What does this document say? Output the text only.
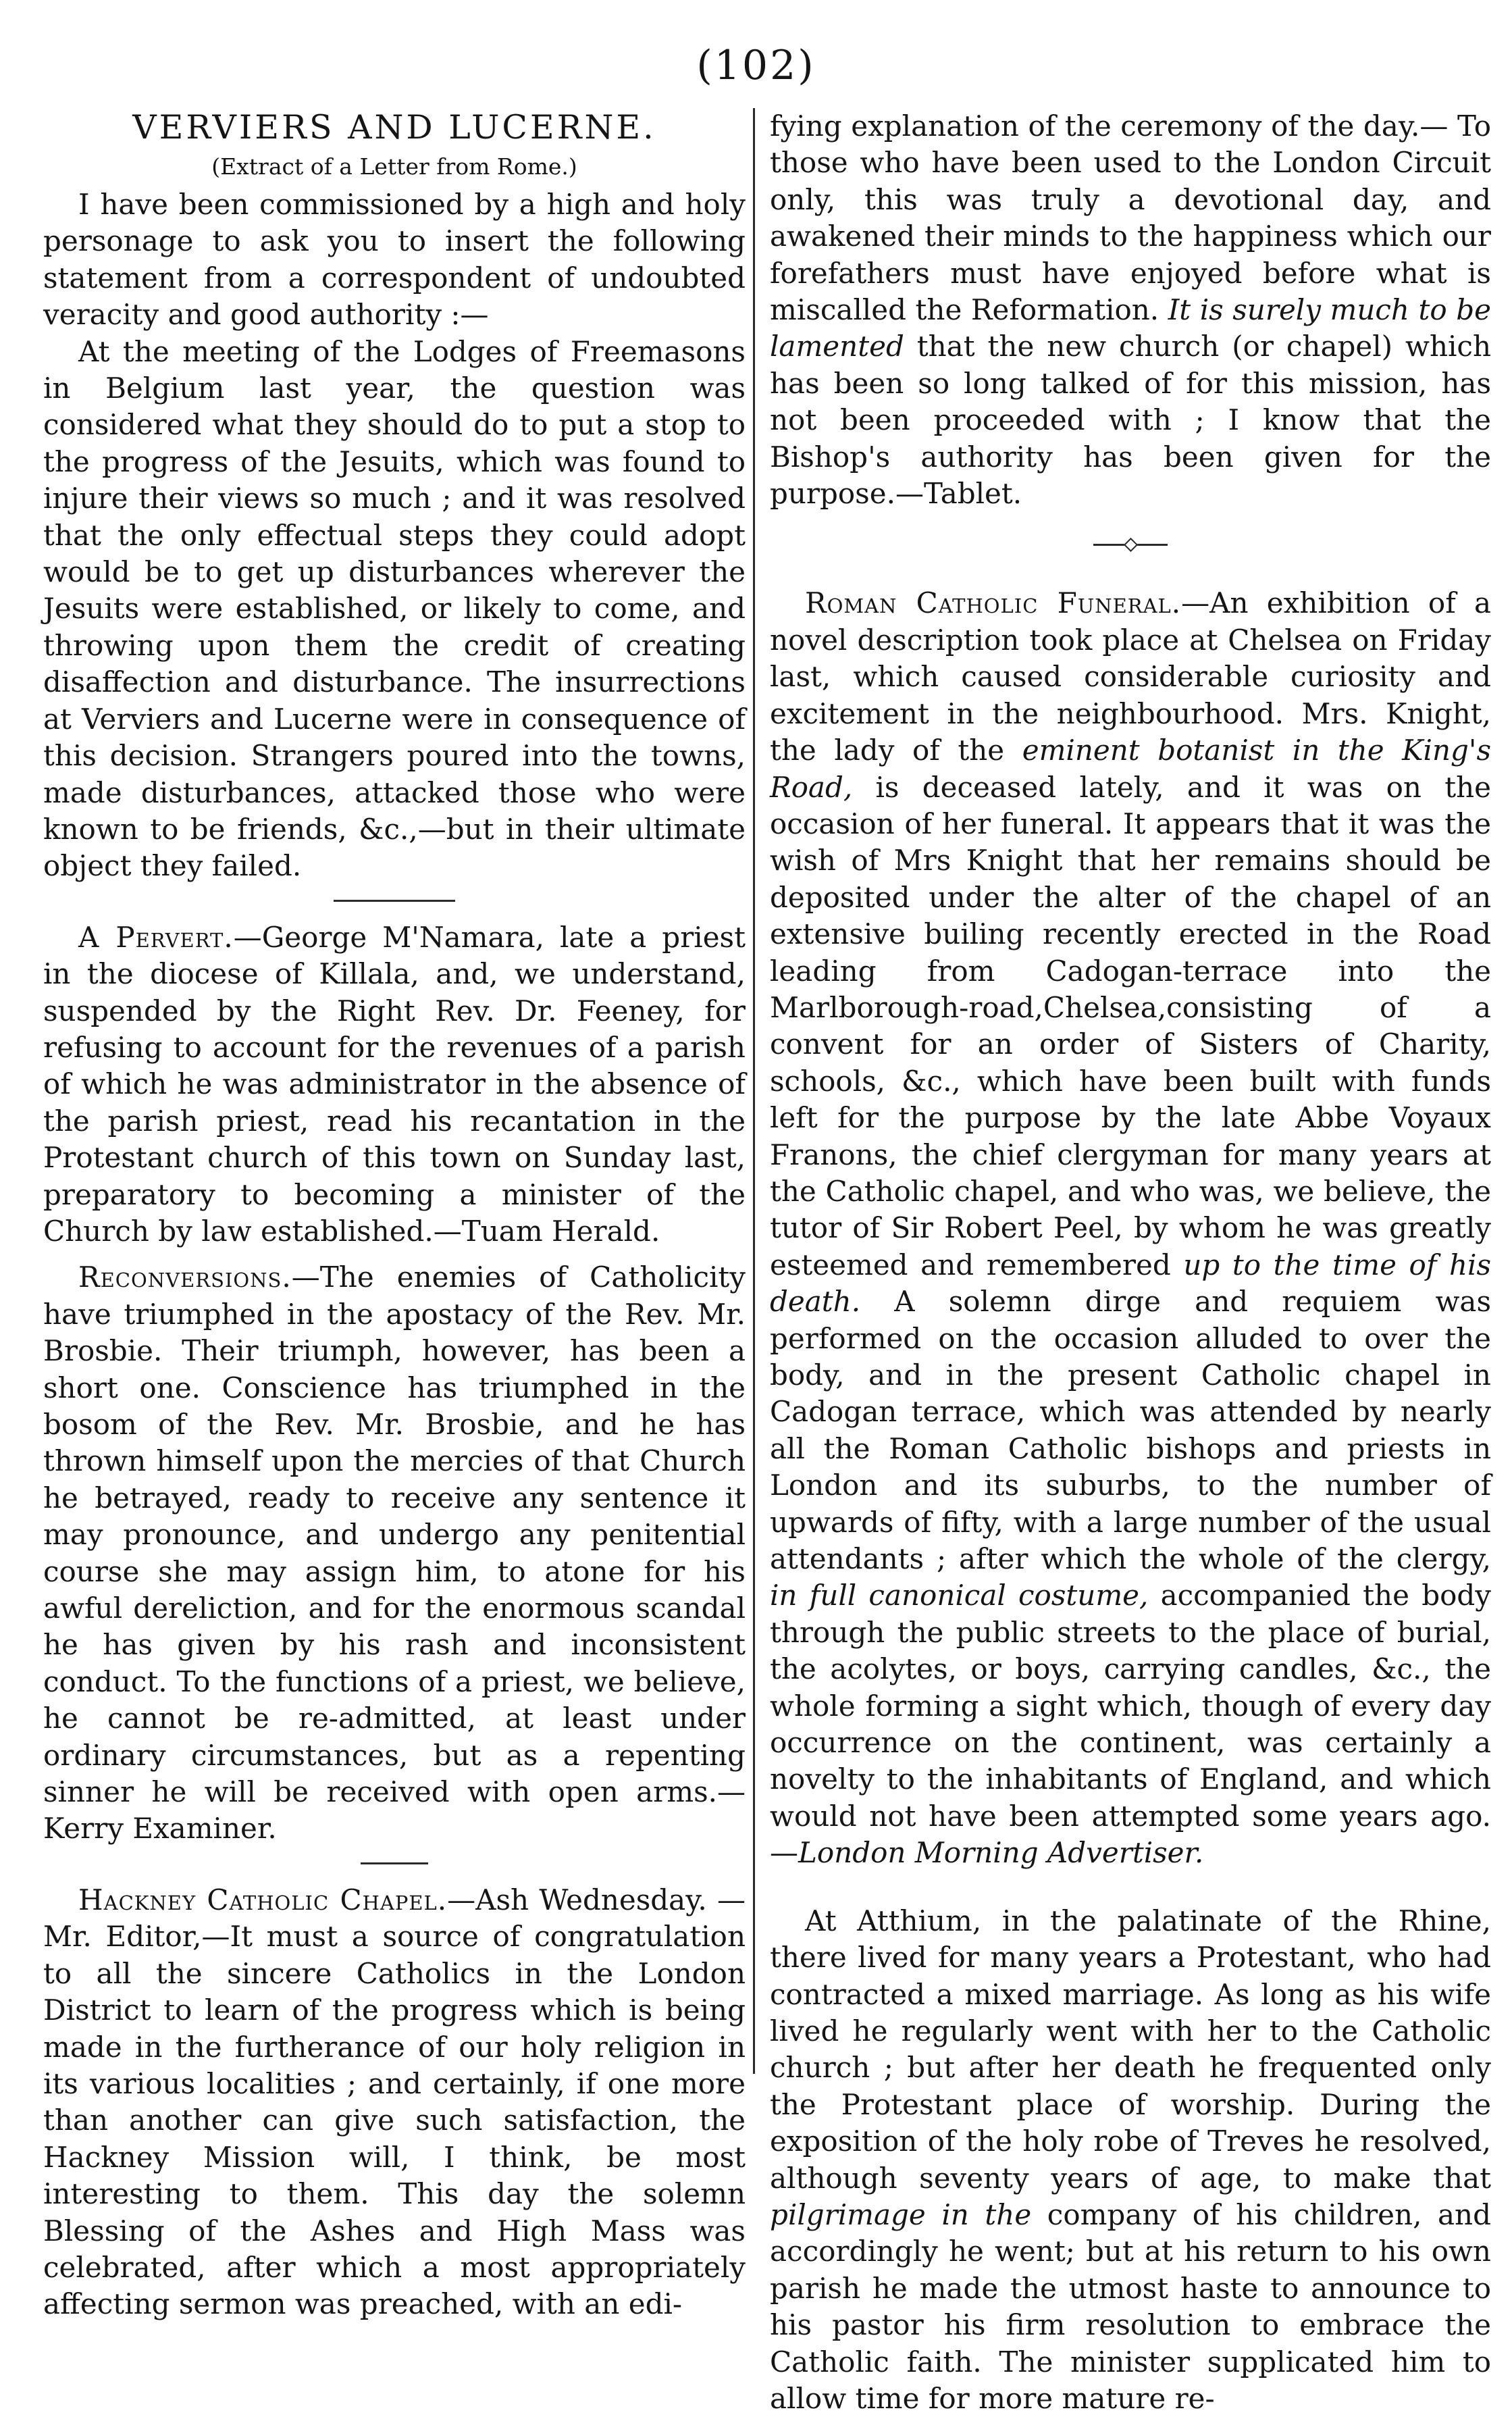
(102)
VERVIERS AND LUCERNE.
(Extract of a Letter from Rome.)

I have been commissioned by a high and holy personage to ask you to insert the following statement from a correspondent of undoubted veracity and good authority :—

At the meeting of the Lodges of Freemasons in Belgium last year, the question was considered what they should do to put a stop to the progress of the Jesuits, which was found to injure their views so much ; and it was resolved that the only effectual steps they could adopt would be to get up disturbances wherever the Jesuits were established, or likely to come, and throwing upon them the credit of creating disaffection and disturbance. The insurrections at Verviers and Lucerne were in consequence of this decision. Strangers poured into the towns, made disturbances, attacked those who were known to be friends, &c.,—but in their ultimate object they failed.

A Pervert.—George M'Namara, late a priest in the diocese of Killala, and, we understand, suspended by the Right Rev. Dr. Feeney, for refusing to account for the revenues of a parish of which he was administrator in the absence of the parish priest, read his recantation in the Protestant church of this town on Sunday last, preparatory to becoming a minister of the Church by law established.—Tuam Herald.

Reconversions.—The enemies of Catholicity have triumphed in the apostacy of the Rev. Mr. Brosbie. Their triumph, however, has been a short one. Conscience has triumphed in the bosom of the Rev. Mr. Brosbie, and he has thrown himself upon the mercies of that Church he betrayed, ready to receive any sentence it may pronounce, and undergo any penitential course she may assign him, to atone for his awful dereliction, and for the enormous scandal he has given by his rash and inconsistent conduct. To the functions of a priest, we believe, he cannot be re-admitted, at least under ordinary circumstances, but as a repenting sinner he will be received with open arms.—Kerry Examiner.

Hackney Catholic Chapel.—Ash Wednesday. —Mr. Editor,—It must a source of congratulation to all the sincere Catholics in the London District to learn of the progress which is being made in the furtherance of our holy religion in its various localities ; and certainly, if one more than another can give such satisfaction, the Hackney Mission will, I think, be most interesting to them. This day the solemn Blessing of the Ashes and High Mass was celebrated, after which a most appropriately affecting sermon was preached, with an edi-

fying explanation of the ceremony of the day.— To those who have been used to the London Circuit only, this was truly a devotional day, and awakened their minds to the happiness which our forefathers must have enjoyed before what is miscalled the Reformation. It is surely much to be lamented that the new church (or chapel) which has been so long talked of for this mission, has not been proceeded with ; I know that the Bishop's authority has been given for the purpose.—Tablet.

Roman Catholic Funeral.—An exhibition of a novel description took place at Chelsea on Friday last, which caused considerable curiosity and excitement in the neighbourhood. Mrs. Knight, the lady of the eminent botanist in the King's Road, is deceased lately, and it was on the occasion of her funeral. It appears that it was the wish of Mrs Knight that her remains should be deposited under the alter of the chapel of an extensive builing recently erected in the Road leading from Cadogan-terrace into the Marlborough-road,Chelsea,consisting of a convent for an order of Sisters of Charity, schools, &c., which have been built with funds left for the purpose by the late Abbe Voyaux Franons, the chief clergyman for many years at the Catholic chapel, and who was, we believe, the tutor of Sir Robert Peel, by whom he was greatly esteemed and remembered up to the time of his death. A solemn dirge and requiem was performed on the occasion alluded to over the body, and in the present Catholic chapel in Cadogan terrace, which was attended by nearly all the Roman Catholic bishops and priests in London and its suburbs, to the number of upwards of fifty, with a large number of the usual attendants ; after which the whole of the clergy, in full canonical costume, accompanied the body through the public streets to the place of burial, the acolytes, or boys, carrying candles, &c., the whole forming a sight which, though of every day occurrence on the continent, was certainly a novelty to the inhabitants of England, and which would not have been attempted some years ago.—London Morning Advertiser.

At Atthium, in the palatinate of the Rhine, there lived for many years a Protestant, who had contracted a mixed marriage. As long as his wife lived he regularly went with her to the Catholic church ; but after her death he frequented only the Protestant place of worship. During the exposition of the holy robe of Treves he resolved, although seventy years of age, to make that pilgrimage in the company of his children, and accordingly he went; but at his return to his own parish he made the utmost haste to announce to his pastor his firm resolution to embrace the Catholic faith. The minister supplicated him to allow time for more mature re-
